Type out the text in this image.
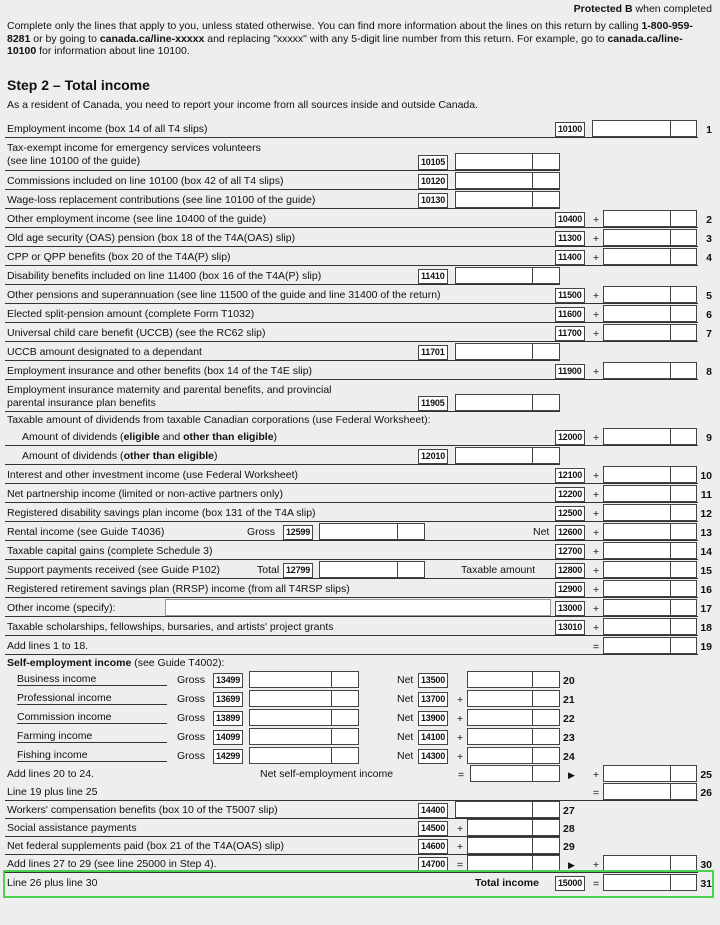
Protected B when completed
Complete only the lines that apply to you, unless stated otherwise. You can find more information about the lines on this return by calling 1-800-959-8281 or by going to canada.ca/line-xxxxx and replacing "xxxxx" with any 5-digit line number from this return. For example, go to canada.ca/line-10100 for information about line 10100.
Step 2 – Total income
As a resident of Canada, you need to report your income from all sources inside and outside Canada.
Employment income (box 14 of all T4 slips)	10100	1
Tax-exempt income for emergency services volunteers
(see line 10100 of the guide)	10105
Commissions included on line 10100 (box 42 of all T4 slips)	10120
Wage-loss replacement contributions (see line 10100 of the guide)	10130
Other employment income (see line 10400 of the guide)	10400 +	2
Old age security (OAS) pension (box 18 of the T4A(OAS) slip)	11300 +	3
CPP or QPP benefits (box 20 of the T4A(P) slip)	11400 +	4
Disability benefits included on line 11400 (box 16 of the T4A(P) slip)	11410
Other pensions and superannuation (see line 11500 of the guide and line 31400 of the return)	11500 +	5
Elected split-pension amount (complete Form T1032)	11600 +	6
Universal child care benefit (UCCB) (see the RC62 slip)	11700 +	7
UCCB amount designated to a dependant	11701
Employment insurance and other benefits (box 14 of the T4E slip)	11900 +	8
Employment insurance maternity and parental benefits, and provincial
parental insurance plan benefits	11905
Taxable amount of dividends from taxable Canadian corporations (use Federal Worksheet):
Amount of dividends (eligible and other than eligible)	12000 +	9
Amount of dividends (other than eligible)	12010
Interest and other investment income (use Federal Worksheet)	12100 +	10
Net partnership income (limited or non-active partners only)	12200 +	11
Registered disability savings plan income (box 131 of the T4A slip)	12500 +	12
Rental income (see Guide T4036)	Gross	12599	Net 12600 +	13
Taxable capital gains (complete Schedule 3)	12700 +	14
Support payments received (see Guide P102)	Total 12799	Taxable amount	12800 +	15
Registered retirement savings plan (RRSP) income (from all T4RSP slips)	12900 +	16
Other income (specify):	13000 +	17
Taxable scholarships, fellowships, bursaries, and artists' project grants	13010 +	18
Add lines 1 to 18.	=	19
Self-employment income (see Guide T4002):
Business income	Gross	13499	Net 13500	20
Professional income	Gross	13699	Net 13700 +	21
Commission income	Gross	13899	Net 13900 +	22
Farming income	Gross	14099	Net 14100 +	23
Fishing income	Gross	14299	Net 14300 +	24
Add lines 20 to 24.	Net self-employment income	=	▶ +	25
Line 19 plus line 25	=	26
Workers' compensation benefits (box 10 of the T5007 slip)	14400	27
Social assistance payments	14500 +	28
Net federal supplements paid (box 21 of the T4A(OAS) slip)	14600 +	29
Add lines 27 to 29 (see line 25000 in Step 4).	14700 =	▶ +	30
Line 26 plus line 30	Total income	15000 =	31
